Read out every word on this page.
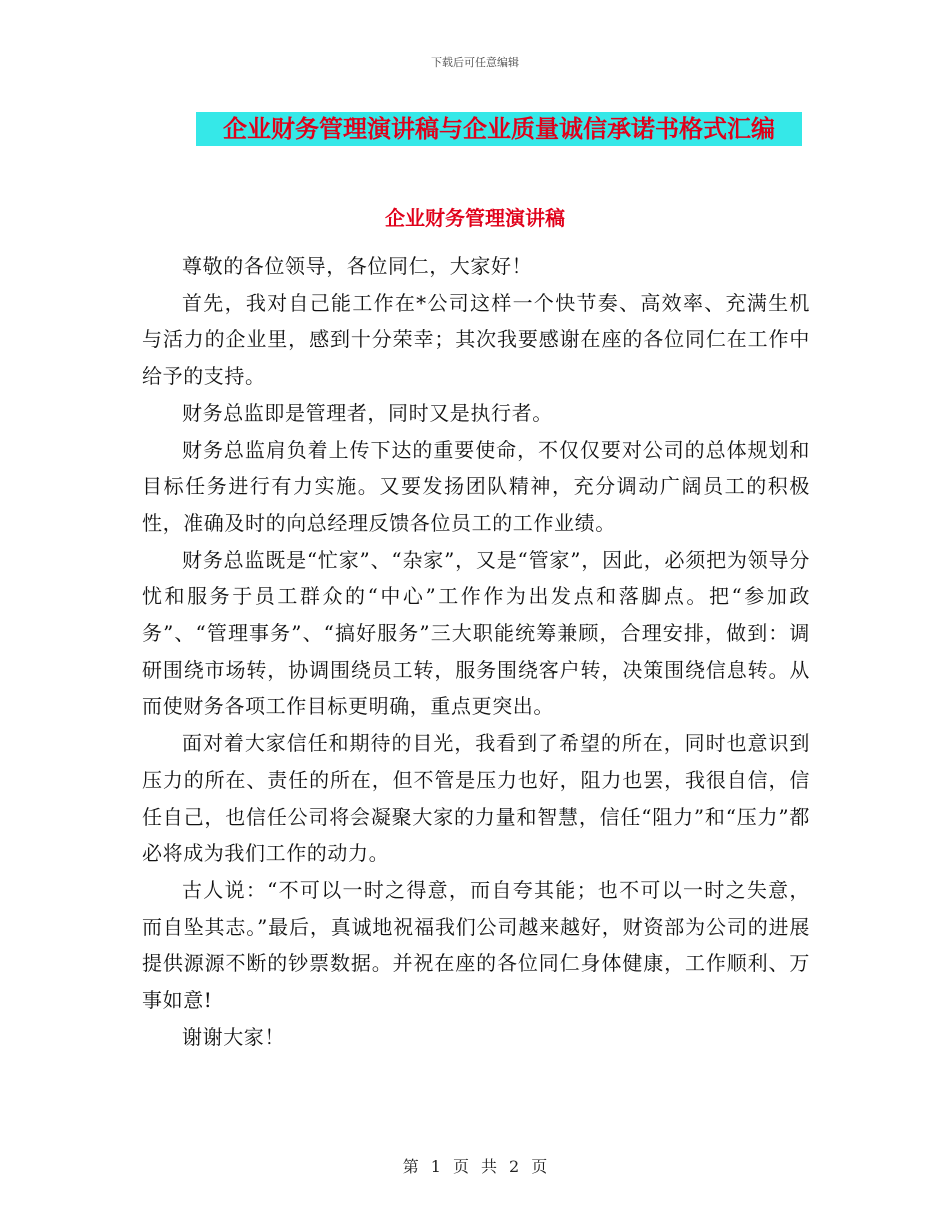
下载后可任意编辑
企业财务管理演讲稿与企业质量诚信承诺书格式汇编
企业财务管理演讲稿

尊敬的各位领导，各位同仁，大家好！

首先，我对自己能工作在*公司这样一个快节奏、高效率、充满生机与活力的企业里，感到十分荣幸；其次我要感谢在座的各位同仁在工作中给予的支持。

财务总监即是管理者，同时又是执行者。

财务总监肩负着上传下达的重要使命，不仅仅要对公司的总体规划和目标任务进行有力实施。又要发扬团队精神，充分调动广阔员工的积极性，准确及时的向总经理反馈各位员工的工作业绩。

财务总监既是“忙家”、“杂家”，又是“管家”，因此，必须把为领导分忧和服务于员工群众的“中心”工作作为出发点和落脚点。把“参加政务”、“管理事务”、“搞好服务”三大职能统筹兼顾，合理安排，做到：调研围绕市场转，协调围绕员工转，服务围绕客户转，决策围绕信息转。从而使财务各项工作目标更明确，重点更突出。

面对着大家信任和期待的目光，我看到了希望的所在，同时也意识到压力的所在、责任的所在，但不管是压力也好，阻力也罢，我很自信，信任自己，也信任公司将会凝聚大家的力量和智慧，信任“阻力”和“压力”都必将成为我们工作的动力。

古人说：“不可以一时之得意，而自夸其能；也不可以一时之失意，而自坠其志。”最后，真诚地祝福我们公司越来越好，财资部为公司的进展提供源源不断的钞票数据。并祝在座的各位同仁身体健康，工作顺利、万事如意!

谢谢大家！

第 1 页 共 2 页
